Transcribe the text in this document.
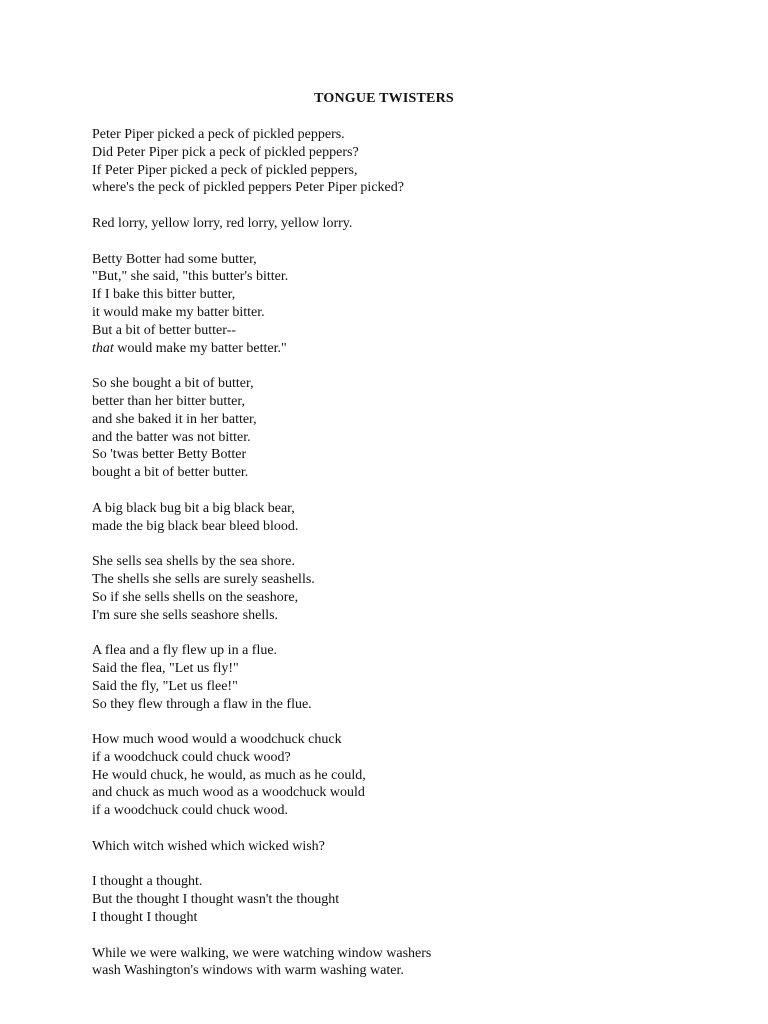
TONGUE TWISTERS
Peter Piper picked a peck of pickled peppers.
Did Peter Piper pick a peck of pickled peppers?
If Peter Piper picked a peck of pickled peppers,
where's the peck of pickled peppers Peter Piper picked?
Red lorry, yellow lorry, red lorry, yellow lorry.
Betty Botter had some butter,
"But," she said, "this butter's bitter.
If I bake this bitter butter,
it would make my batter bitter.
But a bit of better butter--
that would make my batter better."
So she bought a bit of butter,
better than her bitter butter,
and she baked it in her batter,
and the batter was not bitter.
So 'twas better Betty Botter
bought a bit of better butter.
A big black bug bit a big black bear,
made the big black bear bleed blood.
She sells sea shells by the sea shore.
The shells she sells are surely seashells.
So if she sells shells on the seashore,
I'm sure she sells seashore shells.
A flea and a fly flew up in a flue.
Said the flea, "Let us fly!"
Said the fly, "Let us flee!"
So they flew through a flaw in the flue.
How much wood would a woodchuck chuck
if a woodchuck could chuck wood?
He would chuck, he would, as much as he could,
and chuck as much wood as a woodchuck would
if a woodchuck could chuck wood.
Which witch wished which wicked wish?
I thought a thought.
But the thought I thought wasn't the thought
I thought I thought
While we were walking, we were watching window washers
wash Washington's windows with warm washing water.
